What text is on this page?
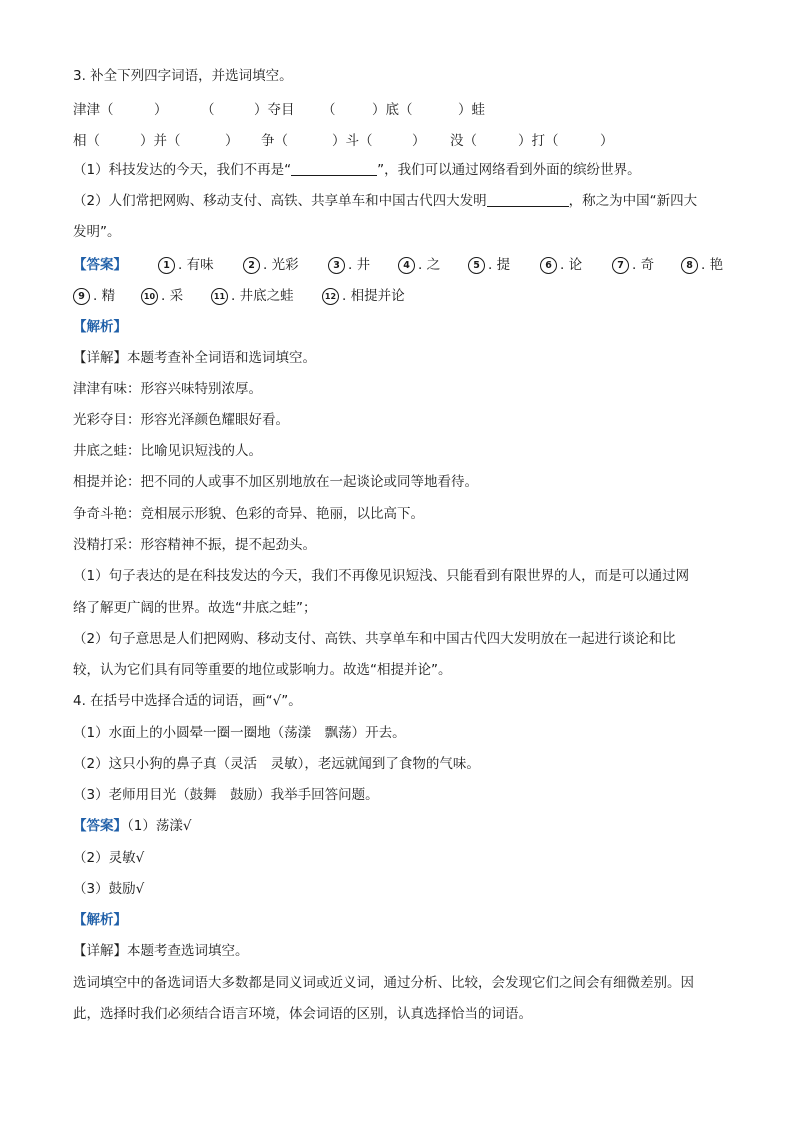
3. 补全下列四字词语，并选词填空。
津津（	） （	）夺目 （	）底（	）蛙
相（	）并（	） 争（	）斗（	） 没（	）打（	）
（1）科技发达的今天，我们不再是“	”，我们可以通过网络看到外面的缤纷世界。
（2）人们常把网购、移动支付、高铁、共享单车和中国古代四大发明	，称之为中国“新四大
发明”。
【答案】	1 . 有味	2 . 光彩	3 . 井	4 . 之	5 . 提	6 . 论	7 . 奇	8 . 艳
9 . 精	10 . 采	11 . 井底之蛙	12 . 相提并论
【解析】
【详解】本题考查补全词语和选词填空。
津津有味：形容兴味特别浓厚。
光彩夺目：形容光泽颜色耀眼好看。
井底之蛙：比喻见识短浅的人。
相提并论：把不同的人或事不加区别地放在一起谈论或同等地看待。
争奇斗艳：竞相展示形貌、色彩的奇异、艳丽，以比高下。
没精打采：形容精神不振，提不起劲头。
（1）句子表达的是在科技发达的今天，我们不再像见识短浅、只能看到有限世界的人，而是可以通过网
络了解更广阔的世界。故选“井底之蛙”；
（2）句子意思是人们把网购、移动支付、高铁、共享单车和中国古代四大发明放在一起进行谈论和比
较，认为它们具有同等重要的地位或影响力。故选“相提并论”。
4. 在括号中选择合适的词语，画“√”。
（1）水面上的小圆晕一圈一圈地（荡漾　飘荡）开去。
（2）这只小狗的鼻子真（灵活　灵敏），老远就闻到了食物的气味。
（3）老师用目光（鼓舞　鼓励）我举手回答问题。
【答案】（1）荡漾√
（2）灵敏√
（3）鼓励√
【解析】
【详解】本题考查选词填空。
选词填空中的备选词语大多数都是同义词或近义词，通过分析、比较，会发现它们之间会有细微差别。因
此，选择时我们必须结合语言环境，体会词语的区别，认真选择恰当的词语。
